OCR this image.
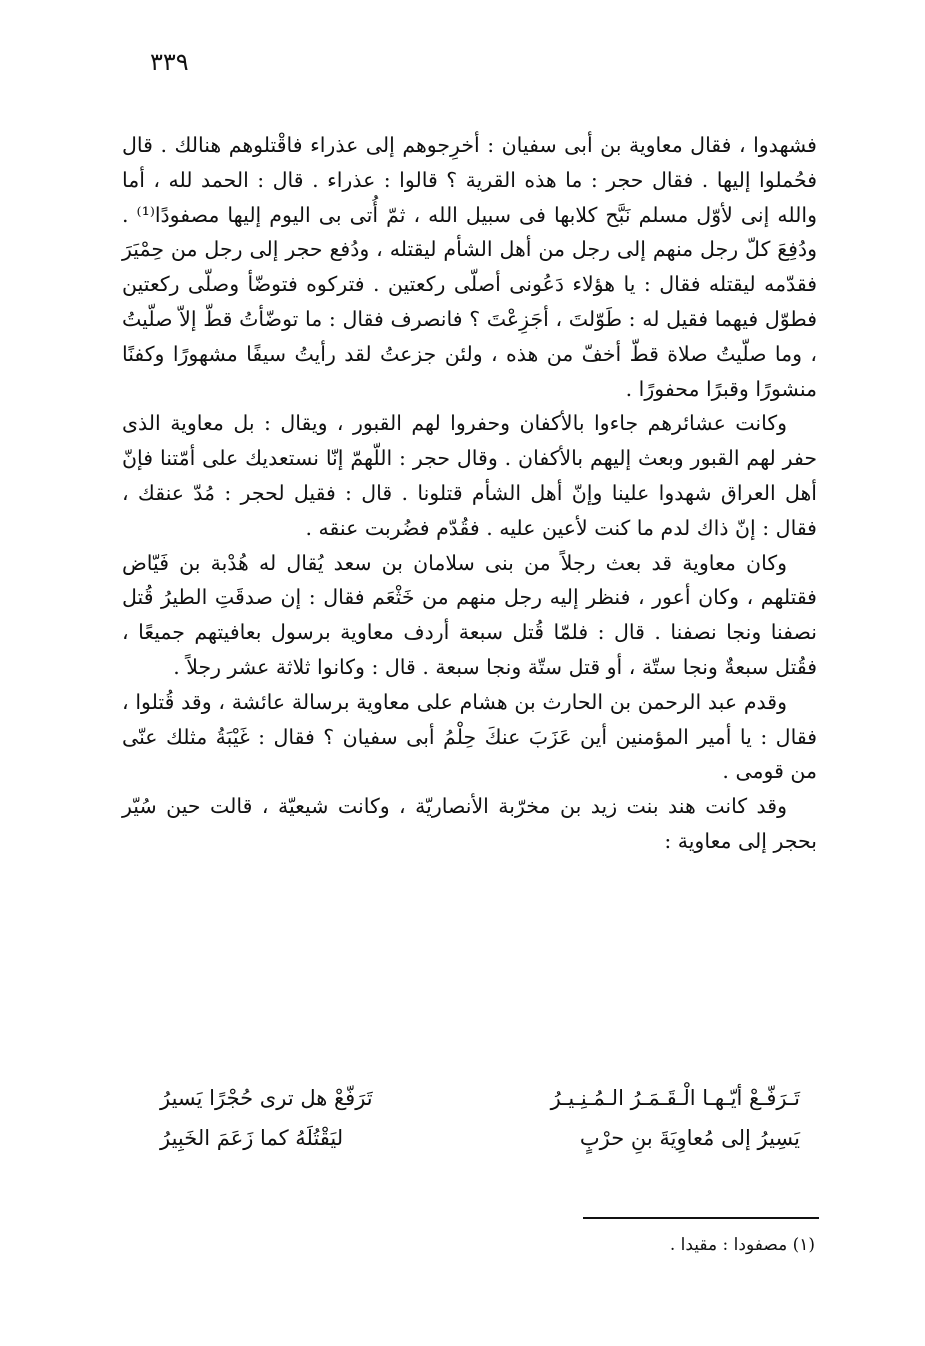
٣٣٩

فشهدوا ، فقال معاوية بن أبى سفيان : أخرِجوهم إلى عذراء فاقْتلوهم هنالك . قال فحُملوا إليها . فقال حجر : ما هذه القرية ؟ قالوا : عذراء . قال : الحمد لله ، أما والله إنى لأوّل مسلم نَبَّح كلابها فى سبيل الله ، ثمّ أُتى بى اليوم إليها مصفودًا⁽¹⁾ . ودُفِعَ كلّ رجل منهم إلى رجل من أهل الشأم ليقتله ، ودُفع حجر إلى رجل من حِمْيَرَ فقدّمه ليقتله فقال : يا هؤلاء دَعُونى أصلّى ركعتين . فتركوه فتوضّأ وصلّى ركعتين فطوّل فيهما فقيل له : طَوّلتَ ، أجَزِعْتَ ؟ فانصرف فقال : ما توضّأتُ قطّ إلاّ صلّيتُ ، وما صلّيتُ صلاة قطّ أخفّ من هذه ، ولئن جزعتُ لقد رأيتُ سيفًا مشهورًا وكفنًا منشورًا وقبرًا محفورًا .

وكانت عشائرهم جاءوا بالأكفان وحفروا لهم القبور ، ويقال : بل معاوية الذى حفر لهم القبور وبعث إليهم بالأكفان . وقال حجر : اللّهمّ إنّا نستعديك على أمّتنا فإنّ أهل العراق شهدوا علينا وإنّ أهل الشأم قتلونا . قال : فقيل لحجر : مُدّ عنقك ، فقال : إنّ ذاك لدم ما كنت لأعين عليه . فقُدّم فضُربت عنقه .

وكان معاوية قد بعث رجلاً من بنى سلامان بن سعد يُقال له هُدْبة بن فَيّاض فقتلهم ، وكان أعور ، فنظر إليه رجل منهم من خَثْعَم فقال : إن صدقَتِ الطيرُ قُتل نصفنا ونجا نصفنا . قال : فلمّا قُتل سبعة أردف معاوية برسول بعافيتهم جميعًا ، فقُتل سبعةٌ ونجا ستّة ، أو قتل ستّة ونجا سبعة . قال : وكانوا ثلاثة عشر رجلاً .

وقدم عبد الرحمن بن الحارث بن هشام على معاوية برسالة عائشة ، وقد قُتلوا ، فقال : يا أمير المؤمنين أين عَزَبَ عنكَ حِلْمُ أبى سفيان ؟ فقال : غَيْبَةُ مثلك عنّى من قومى .

وقد كانت هند بنت زيد بن مخرّبة الأنصاريّة ، وكانت شيعيّة ، قالت حين سُيّر بحجر إلى معاوية :

تَـرَفّـعْ أيّـهـا الْـقَـمَـرُ الـمُـنِـيـرُ
تَرَفّعْ هل ترى حُجْرًا يَسيرُ
يَسِيرُ إلى مُعاوِيَةَ بنِ حرْبٍ
ليَقْتُلَهُ كما زَعَمَ الخَبِيرُ
(١) مصفودا : مقيدا .
